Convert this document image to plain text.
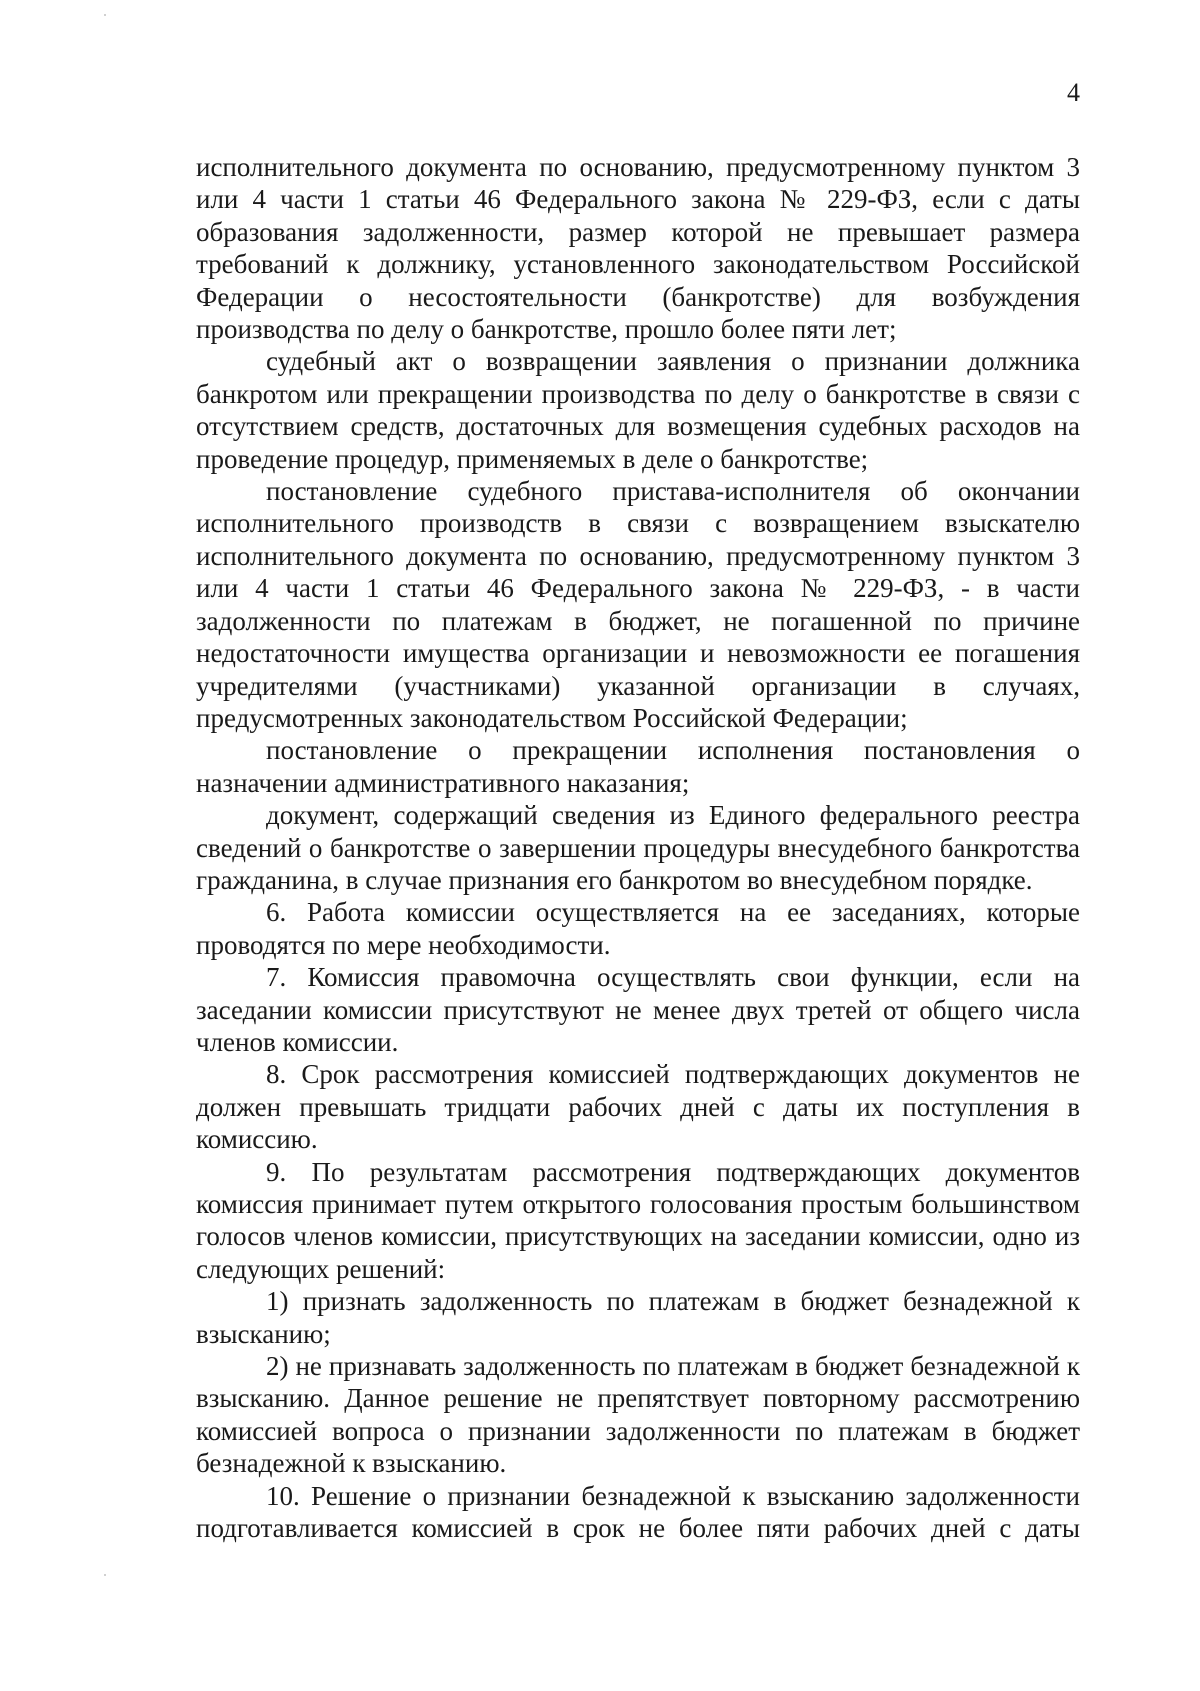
4

исполнительного документа по основанию, предусмотренному пунктом 3 или 4 части 1 статьи 46 Федерального закона № 229-ФЗ, если с даты образования задолженности, размер которой не превышает размера требований к должнику, установленного законодательством Российской Федерации о несостоятельности (банкротстве) для возбуждения производства по делу о банкротстве, прошло более пяти лет;

судебный акт о возвращении заявления о признании должника банкротом или прекращении производства по делу о банкротстве в связи с отсутствием средств, достаточных для возмещения судебных расходов на проведение процедур, применяемых в деле о банкротстве;

постановление судебного пристава-исполнителя об окончании исполнительного производств в связи с возвращением взыскателю исполнительного документа по основанию, предусмотренному пунктом 3 или 4 части 1 статьи 46 Федерального закона № 229-ФЗ, - в части задолженности по платежам в бюджет, не погашенной по причине недостаточности имущества организации и невозможности ее погашения учредителями (участниками) указанной организации в случаях, предусмотренных законодательством Российской Федерации;

постановление о прекращении исполнения постановления о назначении административного наказания;

документ, содержащий сведения из Единого федерального реестра сведений о банкротстве о завершении процедуры внесудебного банкротства гражданина, в случае признания его банкротом во внесудебном порядке.

6. Работа комиссии осуществляется на ее заседаниях, которые проводятся по мере необходимости.

7. Комиссия правомочна осуществлять свои функции, если на заседании комиссии присутствуют не менее двух третей от общего числа членов комиссии.

8. Срок рассмотрения комиссией подтверждающих документов не должен превышать тридцати рабочих дней с даты их поступления в комиссию.

9. По результатам рассмотрения подтверждающих документов комиссия принимает путем открытого голосования простым большинством голосов членов комиссии, присутствующих на заседании комиссии, одно из следующих решений:

1) признать задолженность по платежам в бюджет безнадежной к взысканию;

2) не признавать задолженность по платежам в бюджет безнадежной к взысканию. Данное решение не препятствует повторному рассмотрению комиссией вопроса о признании задолженности по платежам в бюджет безнадежной к взысканию.

10. Решение о признании безнадежной к взысканию задолженности подготавливается комиссией в срок не более пяти рабочих дней с даты
